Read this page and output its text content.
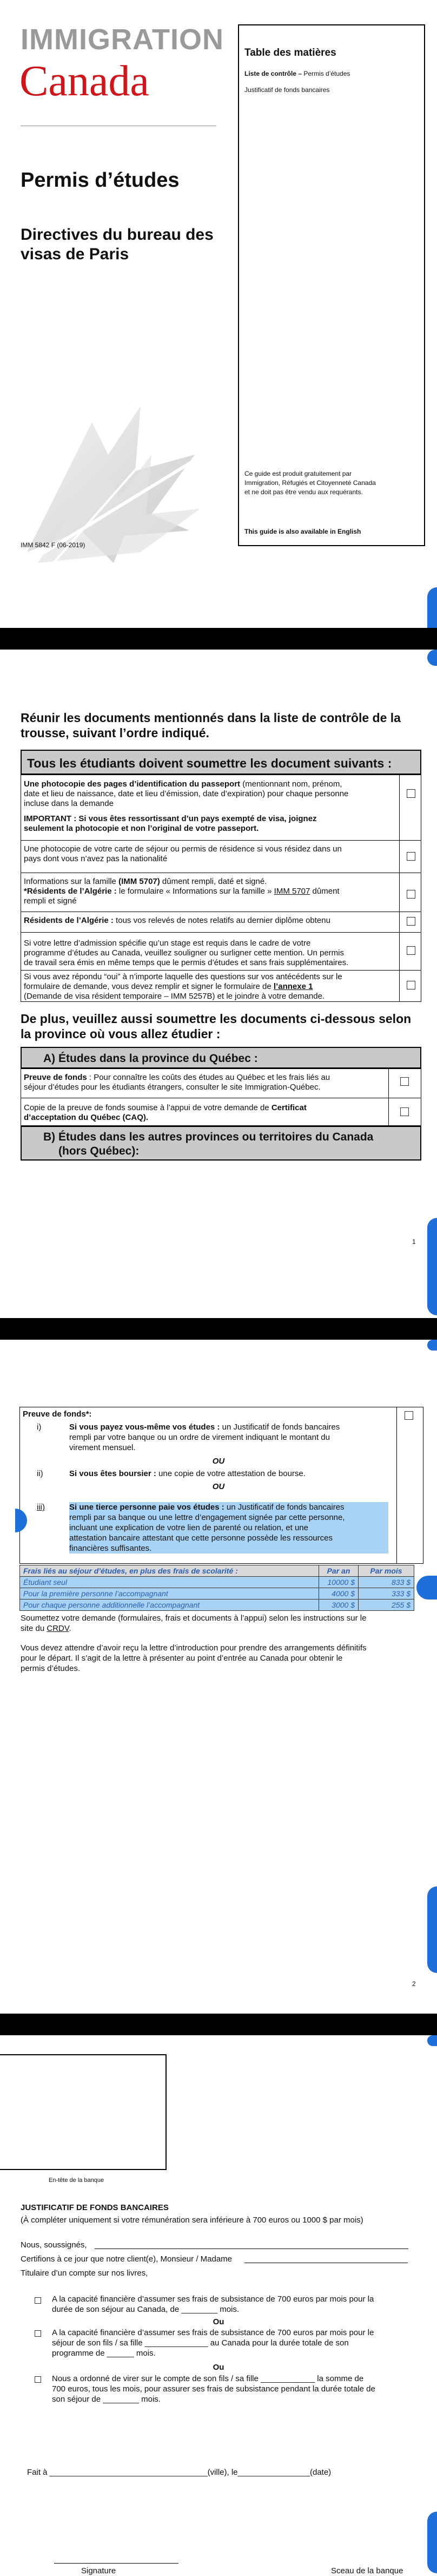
IMMIGRATION
Canada
Permis d’études
Directives du bureau des
visas de Paris
IMM 5842 F (06-2019)
Table des matières
Liste de contrôle – Permis d’études
Justificatif de fonds bancaires
Ce guide est produit gratuitement par
Immigration, Réfugiés et Citoyenneté Canada
et ne doit pas être vendu aux requérants.
This guide is also available in English
Réunir les documents mentionnés dans la liste de contrôle de la
trousse, suivant l’ordre indiqué.
Tous les étudiants doivent soumettre les document suivants :
Une photocopie des pages d’identification du passeport (mentionnant nom, prénom,
date et lieu de naissance, date et lieu d’émission, date d’expiration) pour chaque personne
incluse dans la demande
IMPORTANT : Si vous êtes ressortissant d’un pays exempté de visa, joignez
seulement la photocopie et non l’original de votre passeport.
Une photocopie de votre carte de séjour ou permis de résidence si vous résidez dans un
pays dont vous n’avez pas la nationalité
Informations sur la famille (IMM 5707) dûment rempli, daté et signé.
*Résidents de l’Algérie : le formulaire « Informations sur la famille » IMM 5707 dûment
rempli et signé
Résidents de l’Algérie : tous vos relevés de notes relatifs au dernier diplôme obtenu
Si votre lettre d’admission spécifie qu’un stage est requis dans le cadre de votre
programme d’études au Canada, veuillez souligner ou surligner cette mention. Un permis
de travail sera émis en même temps que le permis d’études et sans frais supplémentaires.
Si vous avez répondu “oui” à n’importe laquelle des questions sur vos antécédents sur le
formulaire de demande, vous devez remplir et signer le formulaire de l’annexe 1
(Demande de visa résident temporaire – IMM 5257B) et le joindre à votre demande.
De plus, veuillez aussi soumettre les documents ci-dessous selon
la province où vous allez étudier :
A) Études dans la province du Québec :
Preuve de fonds : Pour connaître les coûts des études au Québec et les frais liés au
séjour d’études pour les étudiants étrangers, consulter le site Immigration-Québec.
Copie de la preuve de fonds soumise à l’appui de votre demande de Certificat
d’acceptation du Québec (CAQ).
B) Études dans les autres provinces ou territoires du Canada
(hors Québec):
1
Preuve de fonds*:
i)	Si vous payez vous-même vos études : un Justificatif de fonds bancaires
rempli par votre banque ou un ordre de virement indiquant le montant du
virement mensuel.
OU
ii)	Si vous êtes boursier : une copie de votre attestation de bourse.
OU
iii)	Si une tierce personne paie vos études : un Justificatif de fonds bancaires
rempli par sa banque ou une lettre d’engagement signée par cette personne,
incluant une explication de votre lien de parenté ou relation, et une
attestation bancaire attestant que cette personne possède les ressources
financières suffisantes.
Frais liés au séjour d’études, en plus des frais de scolarité :	Par an	Par mois
Étudiant seul	10000 $	833 $
Pour la première personne l’accompagnant	4000 $	333 $
Pour chaque personne additionnelle l’accompagnant	3000 $	255 $
Soumettez votre demande (formulaires, frais et documents à l’appui) selon les instructions sur le
site du CRDV.
Vous devez attendre d’avoir reçu la lettre d’introduction pour prendre des arrangements définitifs
pour le départ. Il s’agit de la lettre à présenter au point d’entrée au Canada pour obtenir le
permis d’études.
2
En-tête de la banque
JUSTIFICATIF DE FONDS BANCAIRES
(À compléter uniquement si votre rémunération sera inférieure à 700 euros ou 1000 $ par mois)
Nous, soussignés,
Certifions à ce jour que notre client(e), Monsieur / Madame
Titulaire d’un compte sur nos livres,
A la capacité financière d’assumer ses frais de subsistance de 700 euros par mois pour la
durée de son séjour au Canada, de ________ mois.
Ou
A la capacité financière d’assumer ses frais de subsistance de 700 euros par mois pour le
séjour de son fils / sa fille ______________ au Canada pour la durée totale de son
programme de ______ mois.
Ou
Nous a ordonné de virer sur le compte de son fils / sa fille ____________ la somme de
700 euros, tous les mois, pour assurer ses frais de subsistance pendant la durée totale de
son séjour de ________ mois.
Fait à ___________________________________(ville), le________________(date)
Signature	Sceau de la banque
